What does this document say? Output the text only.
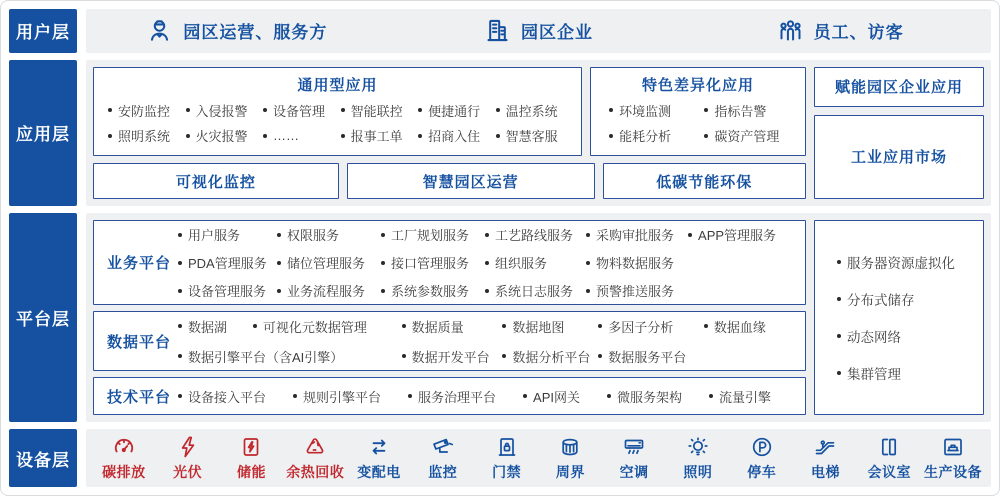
用户层	园区运营、服务方	园区企业	员工、访客
应用层
通用型应用
安防监控	入侵报警	设备管理	智能联控	便捷通行	温控系统
照明系统	火灾报警	……	报事工单	招商入住	智慧客服
特色差异化应用
环境监测	指标告警
能耗分析	碳资产管理
可视化监控	智慧园区运营	低碳节能环保
赋能园区企业应用
工业应用市场
平台层
业务平台
用户服务	权限服务	工厂规划服务	工艺路线服务	采购审批服务	APP管理服务
PDA管理服务	储位管理服务	接口管理服务	组织服务	物料数据服务
设备管理服务	业务流程服务	系统参数服务	系统日志服务	预警推送服务
数据平台
数据湖	可视化元数据管理	数据质量	数据地图	多因子分析	数据血缘
数据引擎平台（含AI引擎）	数据开发平台	数据分析平台	数据服务平台
技术平台	设备接入平台	规则引擎平台	服务治理平台	API网关	微服务架构	流量引擎
服务器资源虚拟化
分布式储存
动态网络
集群管理
设备层
碳排放 光伏 储能 余热回收 变配电 监控 门禁 周界 空调 照明 停车 电梯 会议室 生产设备
